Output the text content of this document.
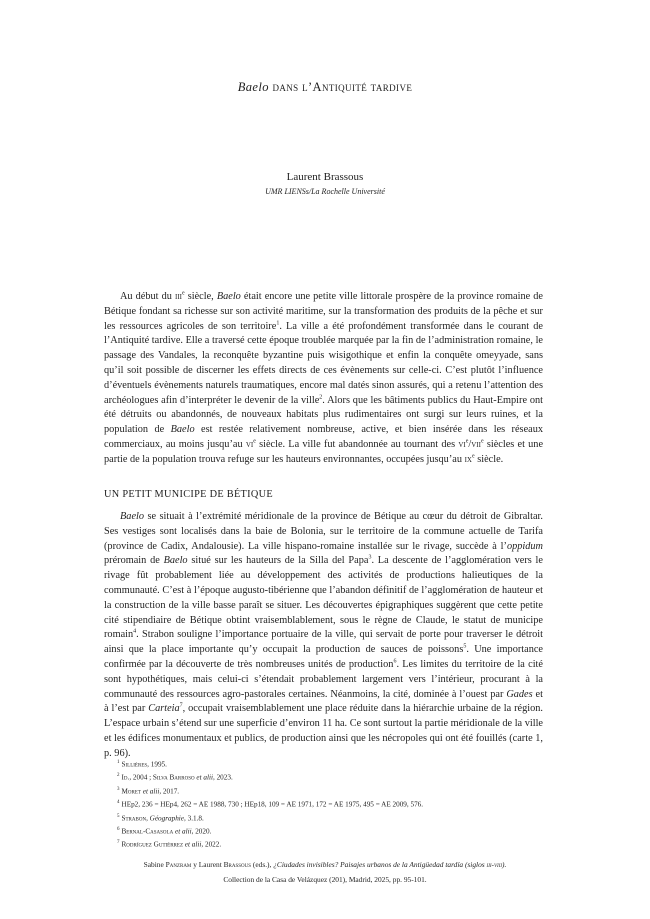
Baelo dans l’Antiquité tardive
Laurent Brassous
UMR LIENSs/La Rochelle Université

Au début du iii$^e$ siècle, Baelo était encore une petite ville littorale prospère de la province romaine de Bétique fondant sa richesse sur son activité maritime, sur la transformation des produits de la pêche et sur les ressources agricoles de son territoire$^1$. La ville a été profondément transformée dans le courant de l’Antiquité tardive. Elle a traversé cette époque troublée marquée par la fin de l’administration romaine, le passage des Vandales, la reconquête byzantine puis wisigothique et enfin la conquête omeyyade, sans qu’il soit possible de discerner les effets directs de ces évènements sur celle-ci. C’est plutôt l’influence d’éventuels évènements naturels traumatiques, encore mal datés sinon assurés, qui a retenu l’attention des archéologues afin d’interpréter le devenir de la ville$^2$. Alors que les bâtiments publics du Haut-Empire ont été détruits ou abandonnés, de nouveaux habitats plus rudimentaires ont surgi sur leurs ruines, et la population de Baelo est restée relativement nombreuse, active, et bien insérée dans les réseaux commerciaux, au moins jusqu’au $vi^e$ siècle. La ville fut abandonnée au tournant des $vi^e/vii^e$ siècles et une partie de la population trouva refuge sur les hauteurs environnantes, occupées jusqu’au $ix^e$ siècle.

UN PETIT MUNICIPE DE BÉTIQUE

Baelo se situait à l’extrémité méridionale de la province de Bétique au cœur du détroit de Gibraltar. Ses vestiges sont localisés dans la baie de Bolonia, sur le territoire de la commune actuelle de Tarifa (province de Cadix, Andalousie). La ville hispano-romaine installée sur le rivage, succède à l’oppidum préromain de Baelo situé sur les hauteurs de la Silla del Papa$^3$. La descente de l’agglomération vers le rivage fût probablement liée au développement des activités de productions halieutiques de la communauté. C’est à l’époque augusto-tibérienne que l’abandon définitif de l’agglomération de hauteur et la construction de la ville basse paraît se situer. Les découvertes épigraphiques suggèrent que cette petite cité stipendiaire de Bétique obtint vraisemblablement, sous le règne de Claude, le statut de municipe romain$^4$. Strabon souligne l’importance portuaire de la ville, qui servait de porte pour traverser le détroit ainsi que la place importante qu’y occupait la production de sauces de poissons$^5$. Une importance confirmée par la découverte de très nombreuses unités de production$^6$. Les limites du territoire de la cité sont hypothétiques, mais celui-ci s’étendait probablement largement vers l’intérieur, procurant à la communauté des ressources agro-pastorales certaines. Néanmoins, la cité, dominée à l’ouest par Gades et à l’est par Carteia$^7$, occupait vraisemblablement une place réduite dans la hiérarchie urbaine de la région. L’espace urbain s’étend sur une superficie d’environ 11 ha. Ce sont surtout la partie méridionale de la ville et les édifices monumentaux et publics, de production ainsi que les nécropoles qui ont été fouillés (carte 1, p. 96).

$^1$ Sillières, 1995.
$^2$ Id., 2004 ; Silva Barroso et alii, 2023.
$^3$ Moret et alii, 2017.
$^4$ HEp2, 236 = HEp4, 262 = AE 1988, 730 ; HEp18, 109 = AE 1971, 172 = AE 1975, 495 = AE 2009, 576.
$^5$ Strabon, Géographie, 3.1.8.
$^6$ Bernal-Casasola et alii, 2020.
$^7$ Rodríguez Gutiérrez et alii, 2022.
Sabine Panzram y Laurent Brassous (eds.), ¿Ciudades invisibles? Paisajes urbanos de la Antigüedad tardía (siglos iii-viii).
Collection de la Casa de Velázquez (201), Madrid, 2025, pp. 95-101.
